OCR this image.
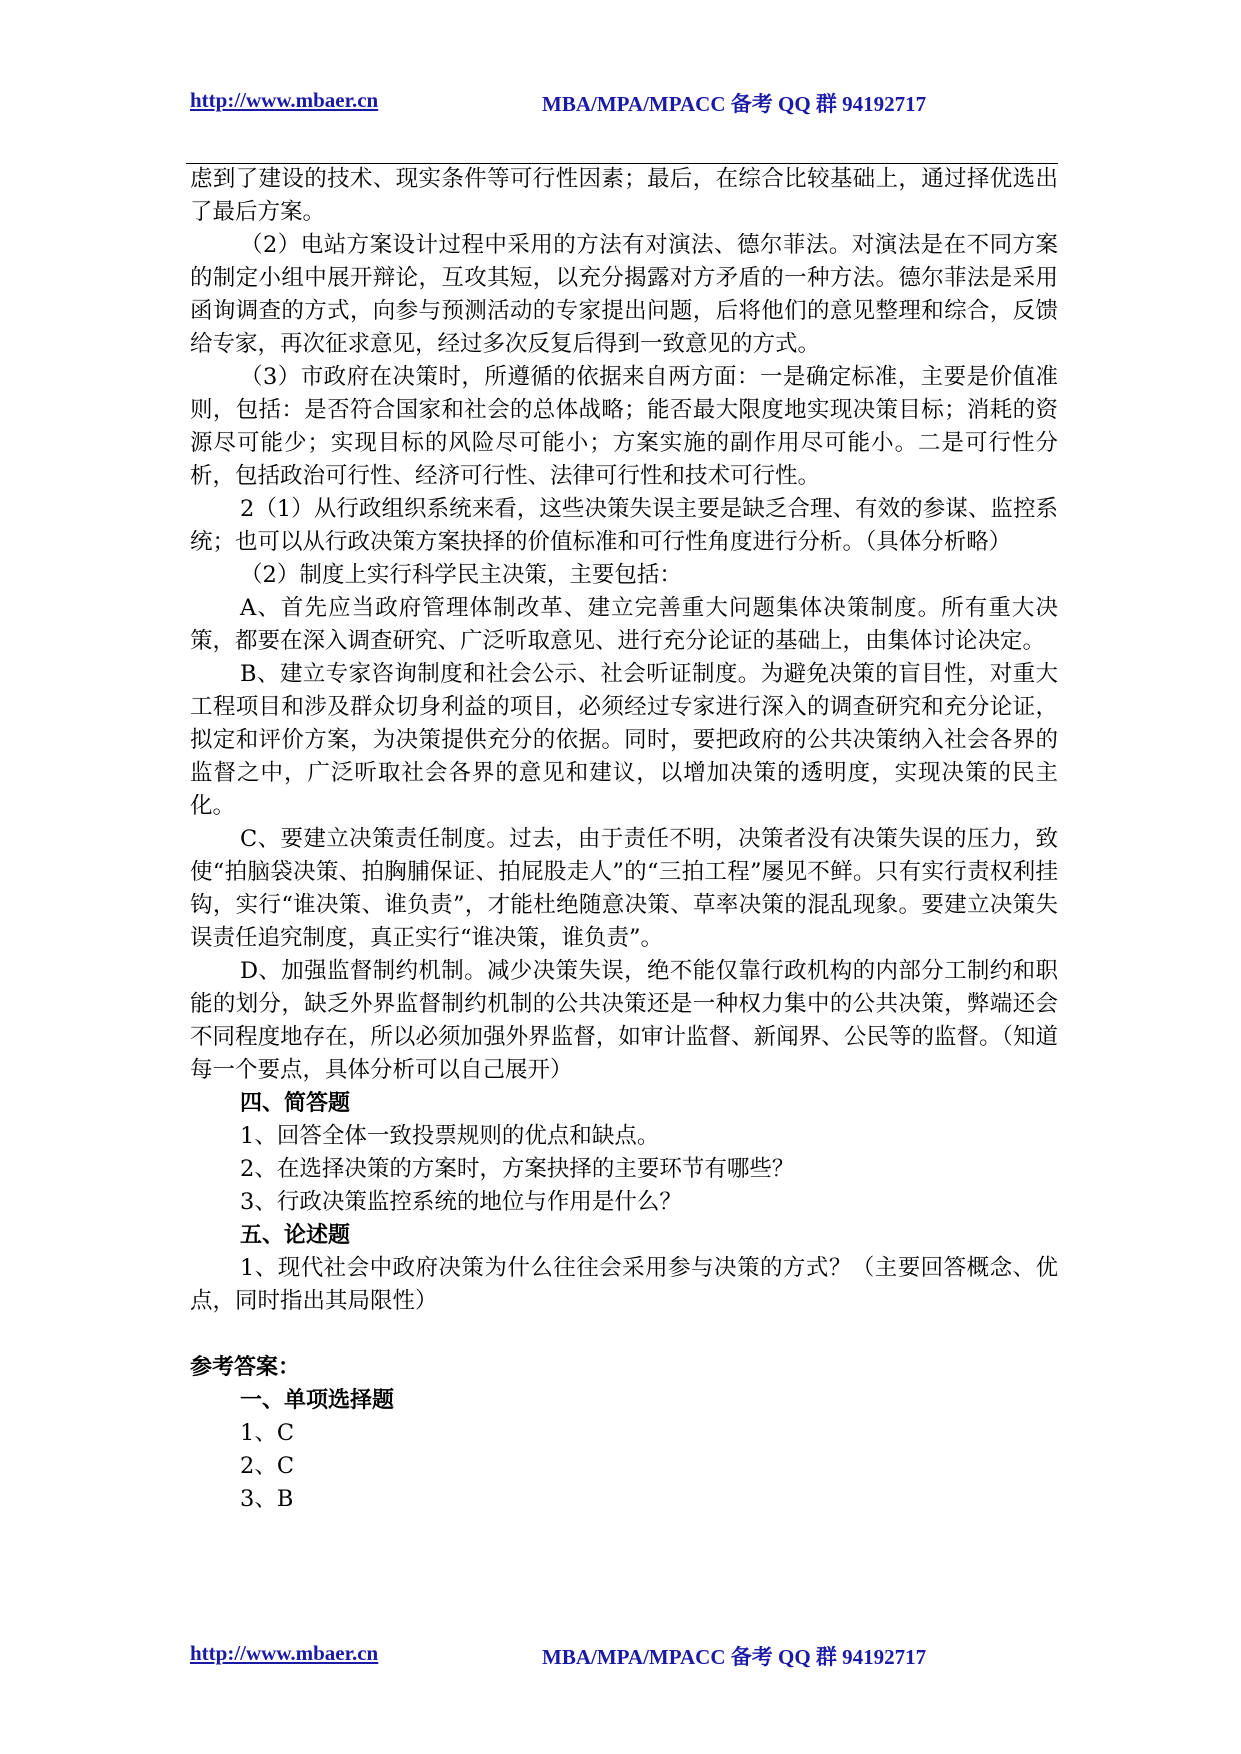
http://www.mbaer.cn	MBA/MPA/MPACC 备考 QQ 群 94192717

虑到了建设的技术、现实条件等可行性因素；最后，在综合比较基础上，通过择优选出了最后方案。

（2）电站方案设计过程中采用的方法有对演法、德尔菲法。对演法是在不同方案的制定小组中展开辩论，互攻其短，以充分揭露对方矛盾的一种方法。德尔菲法是采用函询调查的方式，向参与预测活动的专家提出问题，后将他们的意见整理和综合，反馈给专家，再次征求意见，经过多次反复后得到一致意见的方式。

（3）市政府在决策时，所遵循的依据来自两方面：一是确定标准，主要是价值准则，包括：是否符合国家和社会的总体战略；能否最大限度地实现决策目标；消耗的资源尽可能少；实现目标的风险尽可能小；方案实施的副作用尽可能小。二是可行性分析，包括政治可行性、经济可行性、法律可行性和技术可行性。

2（1）从行政组织系统来看，这些决策失误主要是缺乏合理、有效的参谋、监控系统；也可以从行政决策方案抉择的价值标准和可行性角度进行分析。（具体分析略）

（2）制度上实行科学民主决策，主要包括：

A、首先应当政府管理体制改革、建立完善重大问题集体决策制度。所有重大决策，都要在深入调查研究、广泛听取意见、进行充分论证的基础上，由集体讨论决定。

B、建立专家咨询制度和社会公示、社会听证制度。为避免决策的盲目性，对重大工程项目和涉及群众切身利益的项目，必须经过专家进行深入的调查研究和充分论证，拟定和评价方案，为决策提供充分的依据。同时，要把政府的公共决策纳入社会各界的监督之中，广泛听取社会各界的意见和建议，以增加决策的透明度，实现决策的民主化。

C、要建立决策责任制度。过去，由于责任不明，决策者没有决策失误的压力，致使“拍脑袋决策、拍胸脯保证、拍屁股走人”的“三拍工程”屡见不鲜。只有实行责权利挂钩，实行“谁决策、谁负责”，才能杜绝随意决策、草率决策的混乱现象。要建立决策失误责任追究制度，真正实行“谁决策，谁负责”。

D、加强监督制约机制。减少决策失误，绝不能仅靠行政机构的内部分工制约和职能的划分，缺乏外界监督制约机制的公共决策还是一种权力集中的公共决策，弊端还会不同程度地存在，所以必须加强外界监督，如审计监督、新闻界、公民等的监督。（知道每一个要点，具体分析可以自己展开）

四、简答题

1、回答全体一致投票规则的优点和缺点。

2、在选择决策的方案时，方案抉择的主要环节有哪些？

3、行政决策监控系统的地位与作用是什么？

五、论述题

1、现代社会中政府决策为什么往往会采用参与决策的方式？（主要回答概念、优点，同时指出其局限性）

参考答案：

一、单项选择题

1、C

2、C

3、B

http://www.mbaer.cn	MBA/MPA/MPACC 备考 QQ 群 94192717
